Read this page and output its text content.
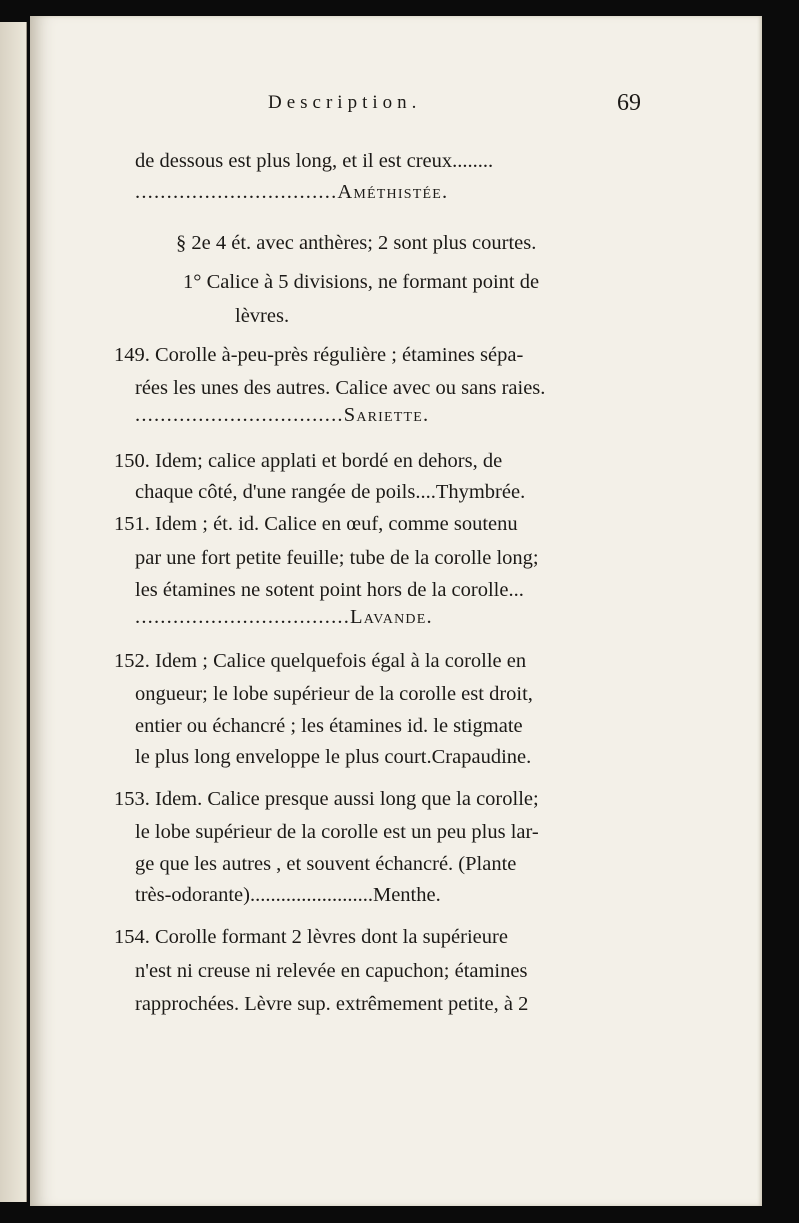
Description.	69
de dessous est plus long, et il est creux........
................................Améthistée.
§ 2e 4 ét. avec anthères; 2 sont plus courtes.
1° Calice à 5 divisions, ne formant point de
lèvres.
149. Corolle à-peu-près régulière ; étamines sépa-
rées les unes des autres. Calice avec ou sans raies.
.................................Sariette.
150. Idem; calice applati et bordé en dehors, de
chaque côté, d'une rangée de poils....Thymbrée.
151. Idem ; ét. id. Calice en œuf, comme soutenu
par une fort petite feuille; tube de la corolle long;
les étamines ne sotent point hors de la corolle...
..................................Lavande.
152. Idem ; Calice quelquefois égal à la corolle en
ongueur; le lobe supérieur de la corolle est droit,
entier ou échancré ; les étamines id. le stigmate
le plus long enveloppe le plus court.Crapaudine.
153. Idem. Calice presque aussi long que la corolle;
le lobe supérieur de la corolle est un peu plus lar-
ge que les autres , et souvent échancré. (Plante
très-odorante)........................Menthe.
154. Corolle formant 2 lèvres dont la supérieure
n'est ni creuse ni relevée en capuchon; étamines
rapprochées. Lèvre sup. extrêmement petite, à 2
